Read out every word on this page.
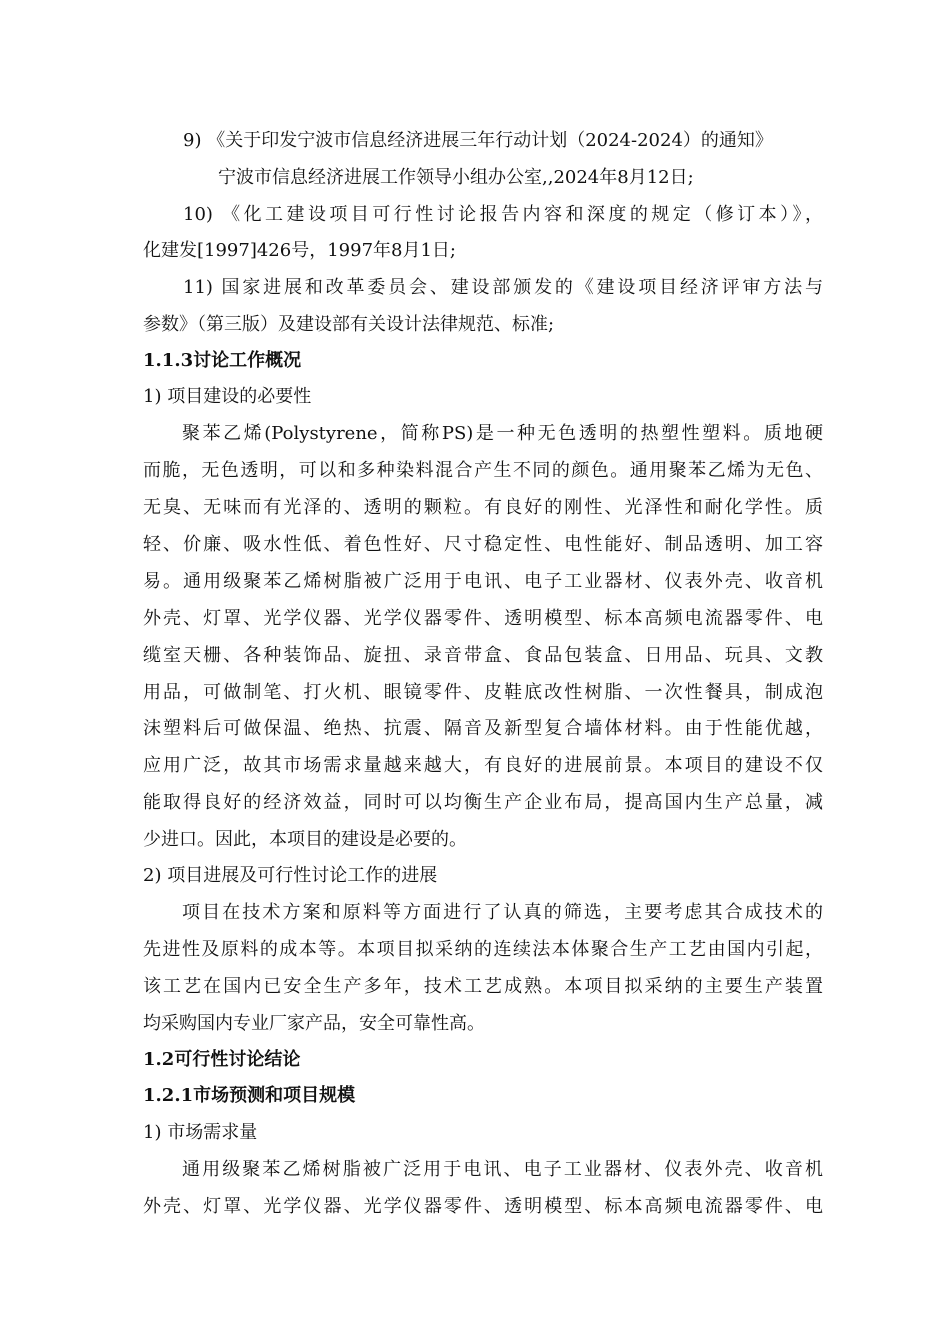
9) 《关于印发宁波市信息经济进展三年行动计划（2024-2024）的通知》
宁波市信息经济进展工作领导小组办公室,,2024年8月12日;
10) 《化工建设项目可行性讨论报告内容和深度的规定（修订本）》，
化建发[1997]426号，1997年8月1日;
11) 国家进展和改革委员会、建设部颁发的《建设项目经济评审方法与
参数》（第三版）及建设部有关设计法律规范、标准;
1.1.3讨论工作概况
1) 项目建设的必要性
聚苯乙烯(Polystyrene，简称PS)是一种无色透明的热塑性塑料。质地硬
而脆，无色透明，可以和多种染料混合产生不同的颜色。通用聚苯乙烯为无色、
无臭、无味而有光泽的、透明的颗粒。有良好的刚性、光泽性和耐化学性。质
轻、价廉、吸水性低、着色性好、尺寸稳定性、电性能好、制品透明、加工容
易。通用级聚苯乙烯树脂被广泛用于电讯、电子工业器材、仪表外壳、收音机
外壳、灯罩、光学仪器、光学仪器零件、透明模型、标本高频电流器零件、电
缆室天栅、各种装饰品、旋扭、录音带盒、食品包装盒、日用品、玩具、文教
用品，可做制笔、打火机、眼镜零件、皮鞋底改性树脂、一次性餐具，制成泡
沫塑料后可做保温、绝热、抗震、隔音及新型复合墙体材料。由于性能优越，
应用广泛，故其市场需求量越来越大，有良好的进展前景。本项目的建设不仅
能取得良好的经济效益，同时可以均衡生产企业布局，提高国内生产总量，减
少进口。因此，本项目的建设是必要的。
2) 项目进展及可行性讨论工作的进展
项目在技术方案和原料等方面进行了认真的筛选，主要考虑其合成技术的
先进性及原料的成本等。本项目拟采纳的连续法本体聚合生产工艺由国内引起，
该工艺在国内已安全生产多年，技术工艺成熟。本项目拟采纳的主要生产装置
均采购国内专业厂家产品，安全可靠性高。
1.2可行性讨论结论
1.2.1市场预测和项目规模
1) 市场需求量
通用级聚苯乙烯树脂被广泛用于电讯、电子工业器材、仪表外壳、收音机
外壳、灯罩、光学仪器、光学仪器零件、透明模型、标本高频电流器零件、电
